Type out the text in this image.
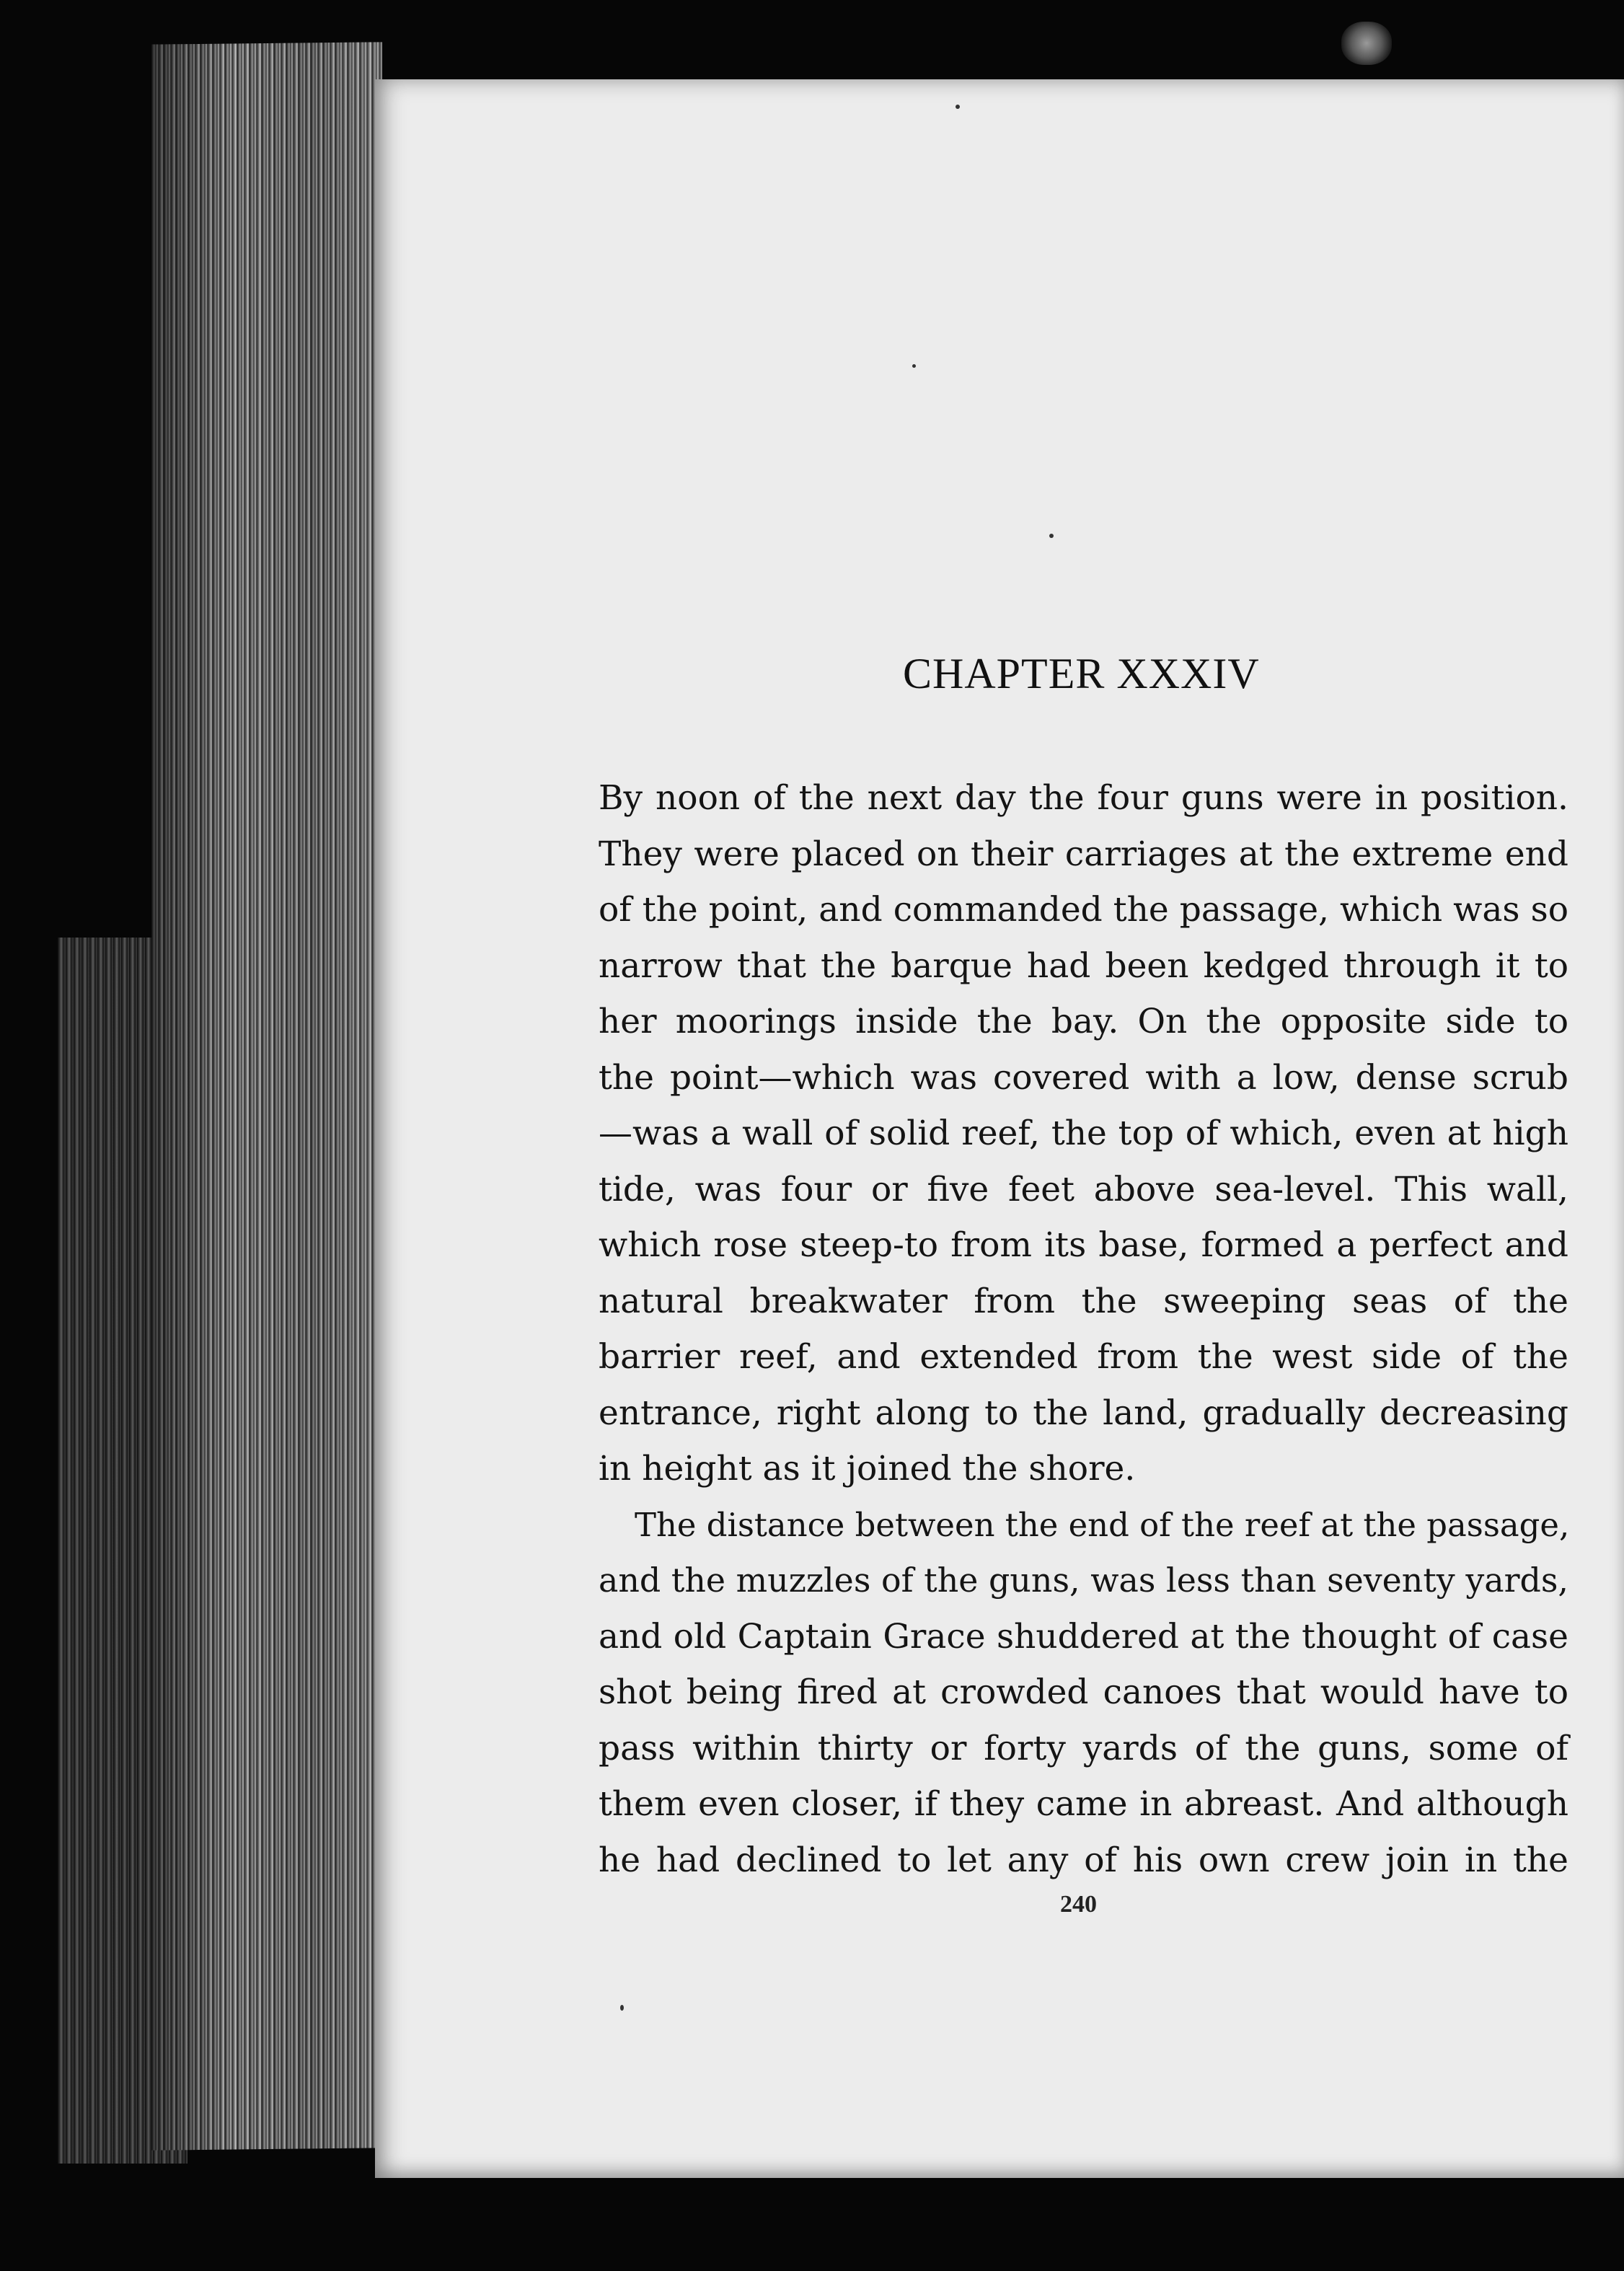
CHAPTER XXXIV

By noon of the next day the four guns were in position.
They were placed on their carriages at the extreme end
of the point, and commanded the passage, which was so
narrow that the barque had been kedged through it to
her moorings inside the bay. On the opposite side to
the point—which was covered with a low, dense scrub
—was a wall of solid reef, the top of which, even at high
tide, was four or five feet above sea-level. This wall,
which rose steep-to from its base, formed a perfect and
natural breakwater from the sweeping seas of the
barrier reef, and extended from the west side of the
entrance, right along to the land, gradually decreasing
in height as it joined the shore.

The distance between the end of the reef at the passage,
and the muzzles of the guns, was less than seventy yards,
and old Captain Grace shuddered at the thought of case
shot being fired at crowded canoes that would have to
pass within thirty or forty yards of the guns, some of
them even closer, if they came in abreast. And although
he had declined to let any of his own crew join in the

240
